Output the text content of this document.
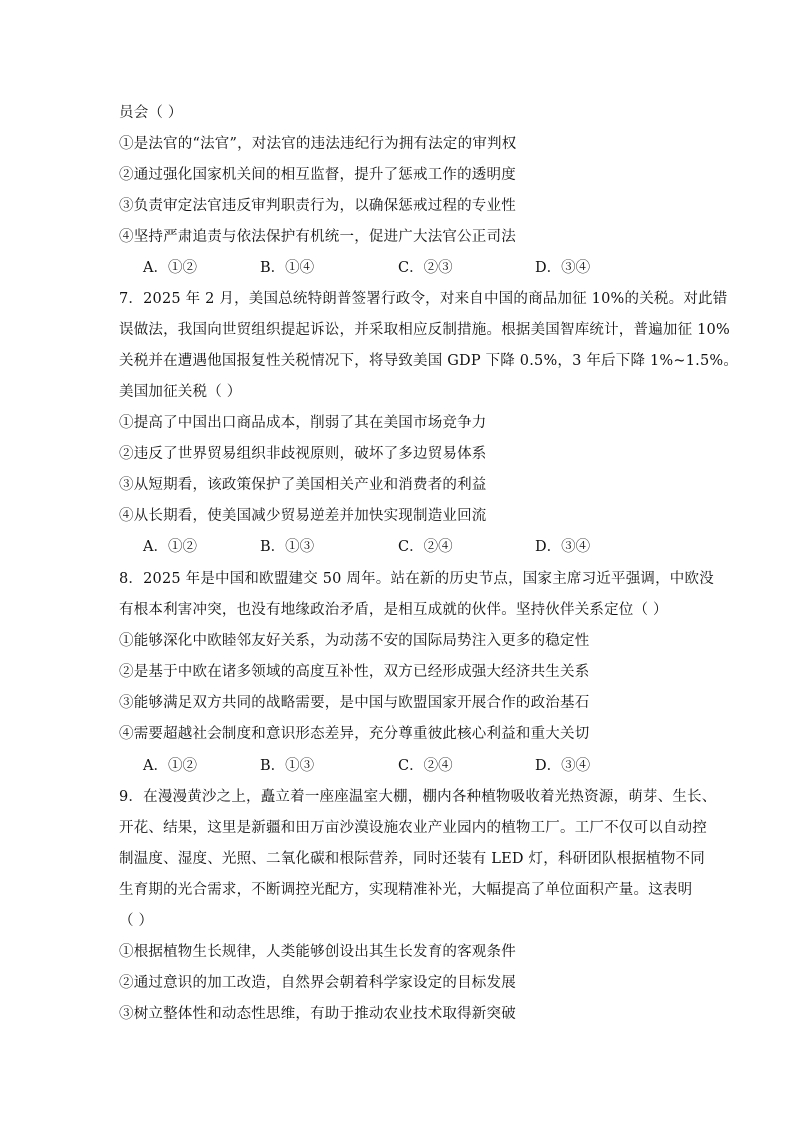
员会（ ）
①是法官的“法官”，对法官的违法违纪行为拥有法定的审判权
②通过强化国家机关间的相互监督，提升了惩戒工作的透明度
③负责审定法官违反审判职责行为，以确保惩戒过程的专业性
④坚持严肃追责与依法保护有机统一，促进广大法官公正司法
A．①②	B．①④	C．②③	D．③④
7．2025 年 2 月，美国总统特朗普签署行政令，对来自中国的商品加征 10%的关税。对此错
误做法，我国向世贸组织提起诉讼，并采取相应反制措施。根据美国智库统计，普遍加征 10%
关税并在遭遇他国报复性关税情况下，将导致美国 GDP 下降 0.5%，3 年后下降 1%~1.5%。
美国加征关税（ ）
①提高了中国出口商品成本，削弱了其在美国市场竞争力
②违反了世界贸易组织非歧视原则，破坏了多边贸易体系
③从短期看，该政策保护了美国相关产业和消费者的利益
④从长期看，使美国减少贸易逆差并加快实现制造业回流
A．①②	B．①③	C．②④	D．③④
8．2025 年是中国和欧盟建交 50 周年。站在新的历史节点，国家主席习近平强调，中欧没
有根本利害冲突，也没有地缘政治矛盾，是相互成就的伙伴。坚持伙伴关系定位（ ）
①能够深化中欧睦邻友好关系，为动荡不安的国际局势注入更多的稳定性
②是基于中欧在诸多领域的高度互补性，双方已经形成强大经济共生关系
③能够满足双方共同的战略需要，是中国与欧盟国家开展合作的政治基石
④需要超越社会制度和意识形态差异，充分尊重彼此核心利益和重大关切
A．①②	B．①③	C．②④	D．③④
9．在漫漫黄沙之上，矗立着一座座温室大棚，棚内各种植物吸收着光热资源，萌芽、生长、
开花、结果，这里是新疆和田万亩沙漠设施农业产业园内的植物工厂。工厂不仅可以自动控
制温度、湿度、光照、二氧化碳和根际营养，同时还装有 LED 灯，科研团队根据植物不同
生育期的光合需求，不断调控光配方，实现精准补光，大幅提高了单位面积产量。这表明
（ ）
①根据植物生长规律，人类能够创设出其生长发育的客观条件
②通过意识的加工改造，自然界会朝着科学家设定的目标发展
③树立整体性和动态性思维，有助于推动农业技术取得新突破
